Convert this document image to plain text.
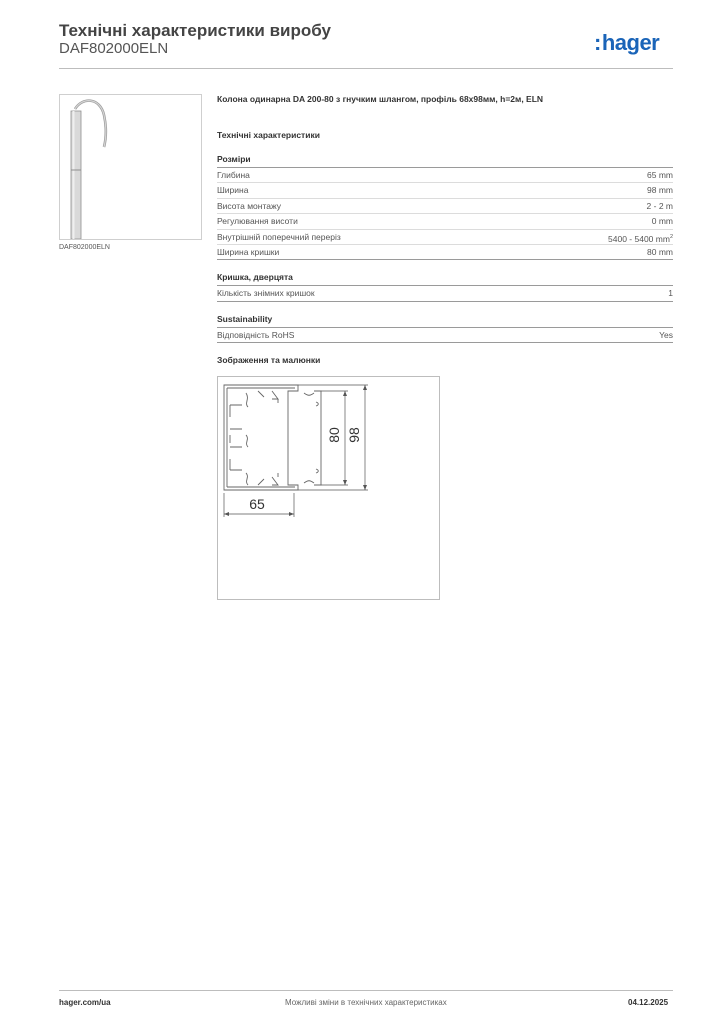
Технічні характеристики виробу
DAF802000ELN	:hager
DAF802000ELN
Колона одинарна DA 200-80 з гнучким шлангом, профіль 68x98мм, h=2м, ELN
Технічні характеристики
Розміри
Глибина	65 mm
Ширина	98 mm
Висота монтажу	2 - 2 m
Регулювання висоти	0 mm
Внутрішній поперечний переріз	5400 - 5400 $mm^2$
Ширина кришки	80 mm
Кришка, дверцята
Кількість знімних кришок	1
Sustainability
Відповідність RoHS	Yes
Зображення та малюнки
80 98
65
hager.com/ua	Можливі зміни в технічних характеристиках	04.12.2025
